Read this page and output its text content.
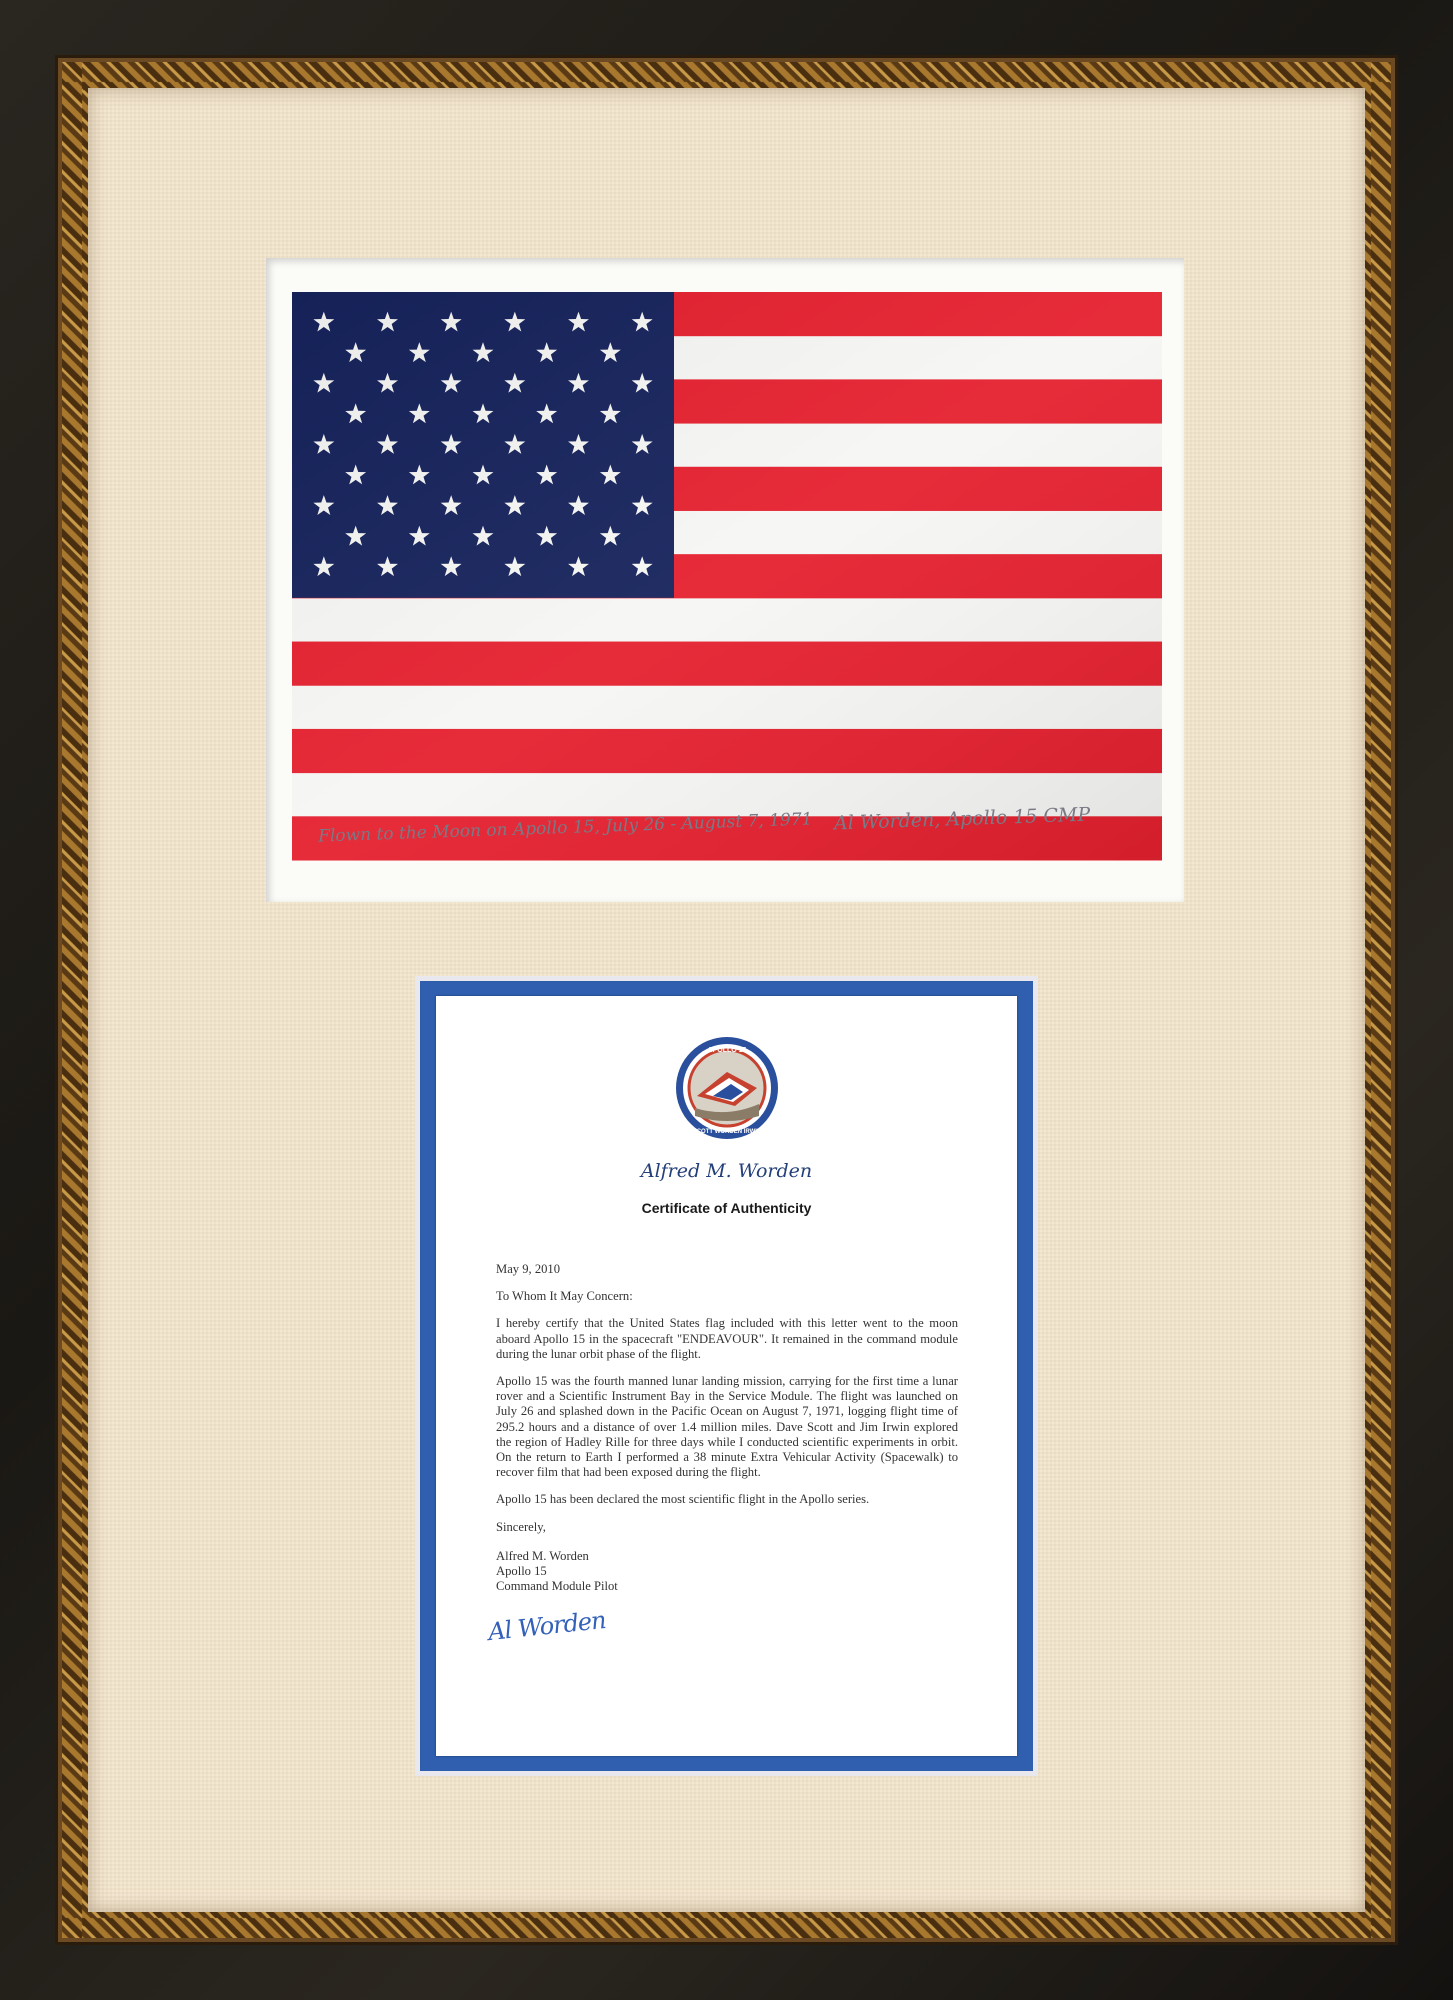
Flown to the Moon on Apollo 15, July 26 - August 7, 1971 Al Worden, Apollo 15 CMP
APOLLO 15
SCOTT WORDEN IRWIN
Alfred M. Worden
Certificate of Authenticity

May 9, 2010

To Whom It May Concern:

I hereby certify that the United States flag included with this letter went to the moon aboard Apollo 15 in the spacecraft "ENDEAVOUR". It remained in the command module during the lunar orbit phase of the flight.

Apollo 15 was the fourth manned lunar landing mission, carrying for the first time a lunar rover and a Scientific Instrument Bay in the Service Module. The flight was launched on July 26 and splashed down in the Pacific Ocean on August 7, 1971, logging flight time of 295.2 hours and a distance of over 1.4 million miles. Dave Scott and Jim Irwin explored the region of Hadley Rille for three days while I conducted scientific experiments in orbit. On the return to Earth I performed a 38 minute Extra Vehicular Activity (Spacewalk) to recover film that had been exposed during the flight.

Apollo 15 has been declared the most scientific flight in the Apollo series.

Sincerely,

Alfred M. Worden

Apollo 15

Command Module Pilot

Al Worden
